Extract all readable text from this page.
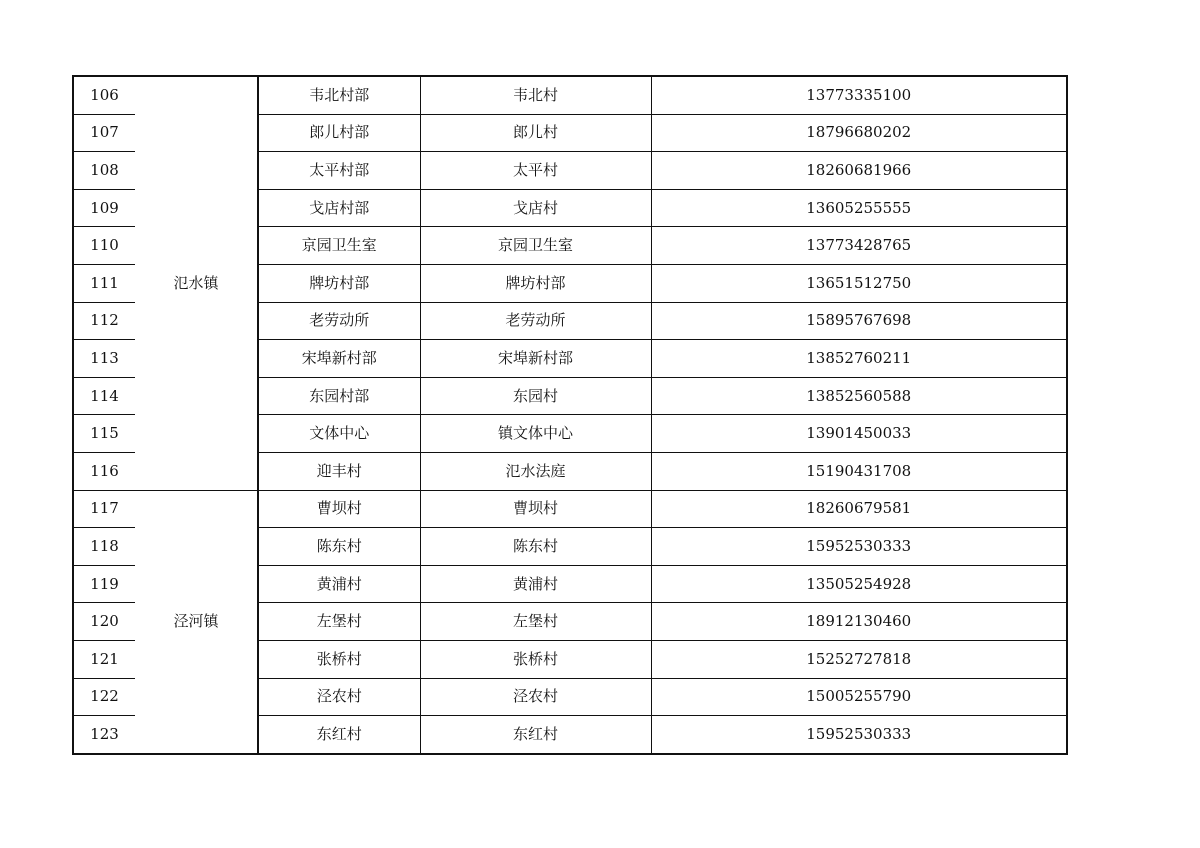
106	氾水镇	韦北村部	韦北村	13773335100
107		郎儿村部	郎儿村	18796680202
108		太平村部	太平村	18260681966
109		戈店村部	戈店村	13605255555
110		京园卫生室	京园卫生室	13773428765
111		牌坊村部	牌坊村部	13651512750
112		老劳动所	老劳动所	15895767698
113		宋埠新村部	宋埠新村部	13852760211
114		东园村部	东园村	13852560588
115		文体中心	镇文体中心	13901450033
116		迎丰村	氾水法庭	15190431708
117	泾河镇	曹坝村	曹坝村	18260679581
118		陈东村	陈东村	15952530333
119		黄浦村	黄浦村	13505254928
120		左堡村	左堡村	18912130460
121		张桥村	张桥村	15252727818
122		泾农村	泾农村	15005255790
123		东红村	东红村	15952530333
